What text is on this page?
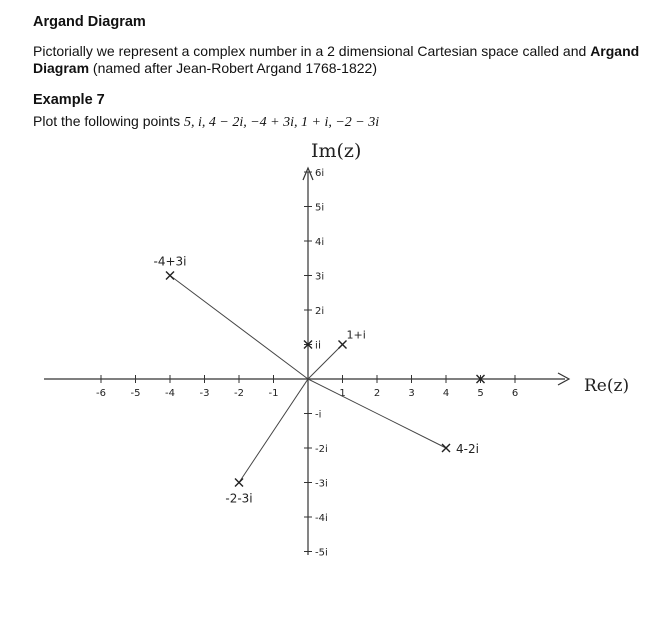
Argand Diagram
Pictorially we represent a complex number in a 2 dimensional Cartesian space called and Argand Diagram (named after Jean-Robert Argand 1768-1822)
Example 7
Plot the following points 5, i, 4 − 2i, −4 + 3i, 1 + i, −2 − 3i
Im(z)
Re(z)
-6 -5 -4 -3 -2 -1	1	2	3	4	5	6
6i
5i
4i
3i
2i
i
-i
-2i
-3i
-4i
-5i
i
4-2i
-4+3i
1+i
-2-3i
